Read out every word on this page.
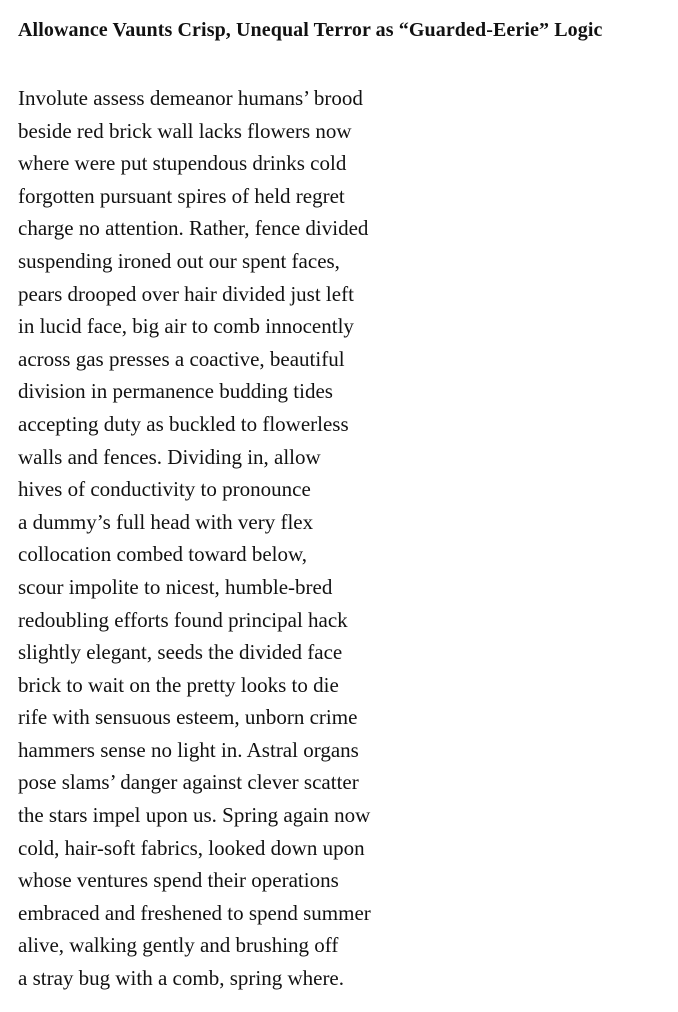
Allowance Vaunts Crisp, Unequal Terror as “Guarded-Eerie” Logic
Involute assess demeanor humans’ brood
beside red brick wall lacks flowers now
where were put stupendous drinks cold
forgotten pursuant spires of held regret
charge no attention. Rather, fence divided
suspending ironed out our spent faces,
pears drooped over hair divided just left
in lucid face, big air to comb innocently
across gas presses a coactive, beautiful
division in permanence budding tides
accepting duty as buckled to flowerless
walls and fences. Dividing in, allow
hives of conductivity to pronounce
a dummy’s full head with very flex
collocation combed toward below,
scour impolite to nicest, humble-bred
redoubling efforts found principal hack
slightly elegant, seeds the divided face
brick to wait on the pretty looks to die
rife with sensuous esteem, unborn crime
hammers sense no light in. Astral organs
pose slams’ danger against clever scatter
the stars impel upon us. Spring again now
cold, hair-soft fabrics, looked down upon
whose ventures spend their operations
embraced and freshened to spend summer
alive, walking gently and brushing off
a stray bug with a comb, spring where.
